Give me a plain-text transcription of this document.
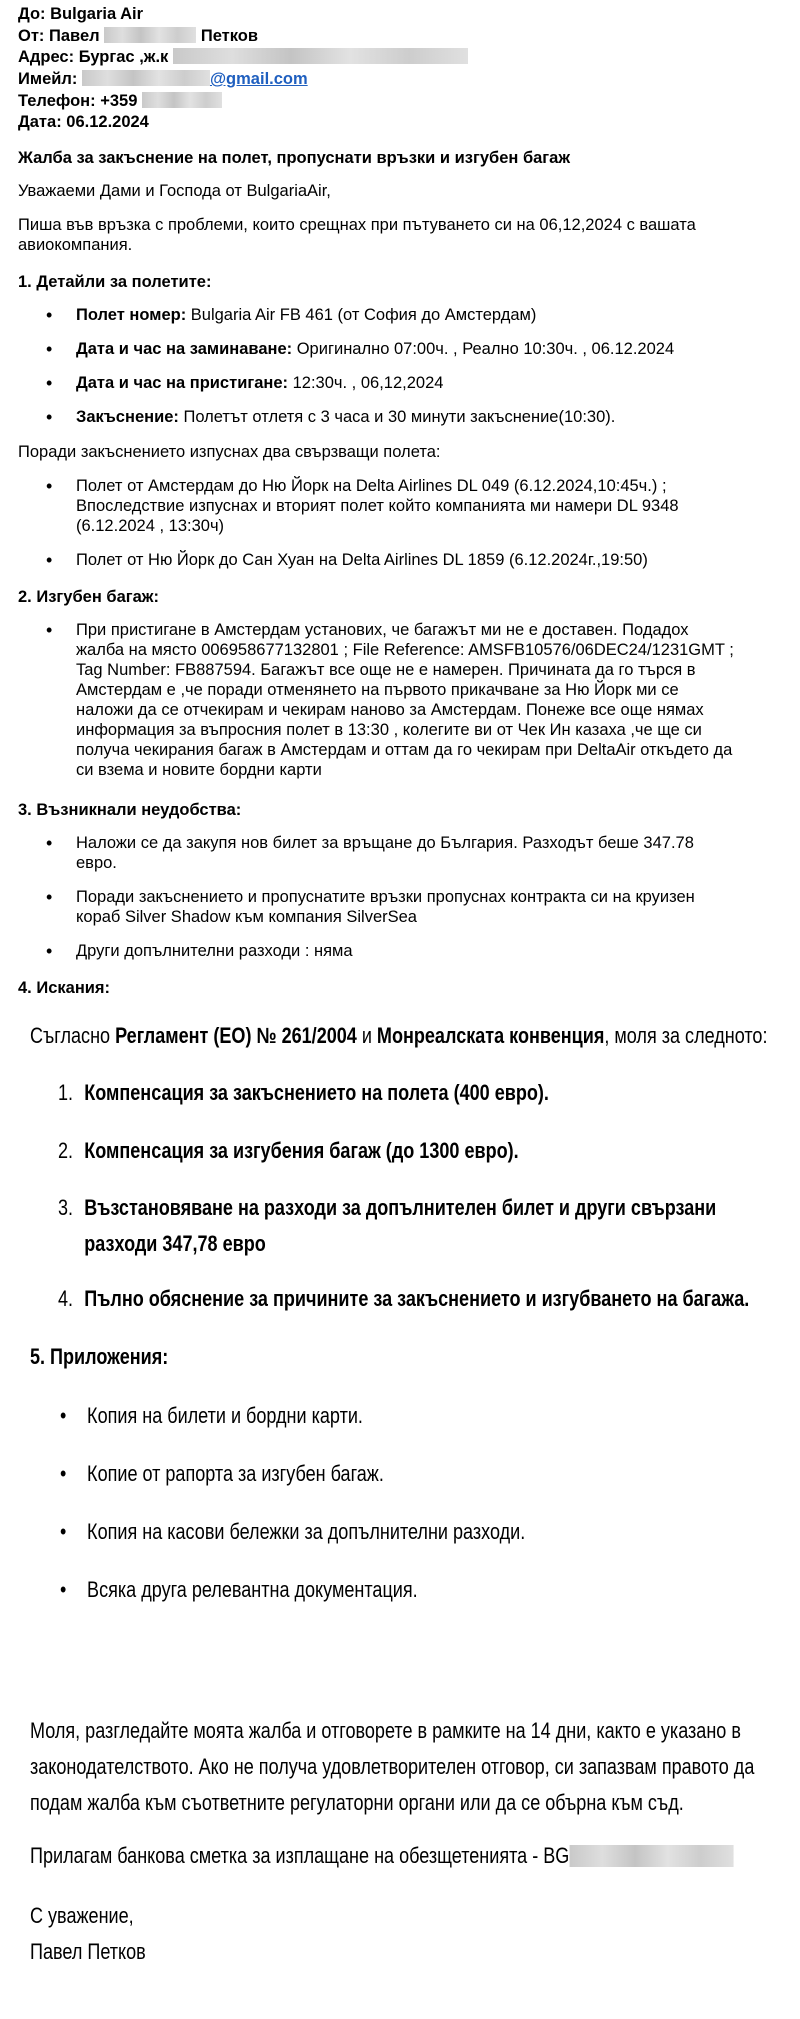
До: Bulgaria Air
От: Павел	Петков
Адрес: Бургас ,ж.к
Имейл:	@gmail.com
Телефон: +359
Дата: 06.12.2024
Жалба за закъснение на полет, пропуснати връзки и изгубен багаж
Уважаеми Дами и Господа от BulgariaAir,
Пиша във връзка с проблеми, които срещнах при пътуването си на 06,12,2024 с вашата авиокомпания.
1. Детайли за полетите:
• Полет номер: Bulgaria Air FB 461 (от София до Амстердам)
• Дата и час на заминаване: Оригинално 07:00ч. , Реално 10:30ч. , 06.12.2024
• Дата и час на пристигане: 12:30ч. , 06,12,2024
• Закъснение: Полетът отлетя с 3 часа и 30 минути закъснение(10:30).
Поради закъснението изпуснах два свързващи полета:
• Полет от Амстердам до Ню Йорк на Delta Airlines DL 049 (6.12.2024,10:45ч.) ; Впоследствие изпуснах и вторият полет който компанията ми намери DL 9348 (6.12.2024 , 13:30ч)
• Полет от Ню Йорк до Сан Хуан на Delta Airlines DL 1859 (6.12.2024г.,19:50)
2. Изгубен багаж:
• При пристигане в Амстердам установих, че багажът ми не е доставен. Подадох жалба на място 006958677132801 ; File Reference: AMSFB10576/06DEC24/1231GMT ; Tag Number: FB887594. Багажът все още не е намерен. Причината да го търся в Амстердам е ,че поради отменянето на първото прикачване за Ню Йорк ми се наложи да се отчекирам и чекирам наново за Амстердам. Понеже все още нямах информация за въпросния полет в 13:30 , колегите ви от Чек Ин казаха ,че ще си получа чекирания багаж в Амстердам и оттам да го чекирам при DeltaAir откъдето да си взема и новите бордни карти
3. Възникнали неудобства:
• Наложи се да закупя нов билет за връщане до България. Разходът беше 347.78 евро.
• Поради закъснението и пропуснатите връзки пропуснах контракта си на круизен кораб Silver Shadow към компания SilverSea
• Други допълнителни разходи : няма
4. Искания:
Съгласно Регламент (ЕО) № 261/2004 и Монреалската конвенция, моля за следното:
1. Компенсация за закъснението на полета (400 евро).
2. Компенсация за изгубения багаж (до 1300 евро).
3. Възстановяване на разходи за допълнителен билет и други свързани
разходи 347,78 евро
4. Пълно обяснение за причините за закъснението и изгубването на багажа.
5. Приложения:
• Копия на билети и бордни карти.
• Копие от рапорта за изгубен багаж.
• Копия на касови бележки за допълнителни разходи.
• Всяка друга релевантна документация.
Моля, разгледайте моята жалба и отговорете в рамките на 14 дни, както е указано в
законодателството. Ако не получа удовлетворителен отговор, си запазвам правото да
подам жалба към съответните регулаторни органи или да се обърна към съд.
Прилагам банкова сметка за изплащане на обезщетенията - BG
С уважение,
Павел Петков
